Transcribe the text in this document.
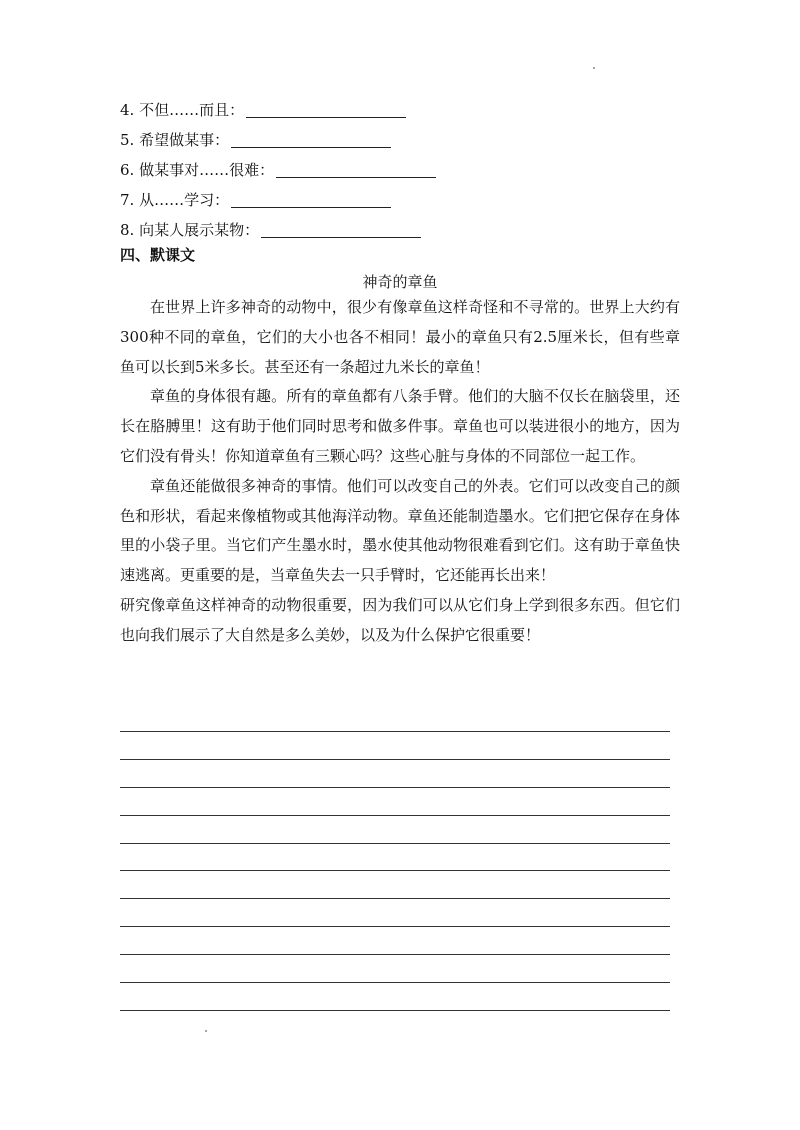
4. 不但……而且：
5. 希望做某事：
6. 做某事对……很难：
7. 从……学习：
8. 向某人展示某物：
四、默课文
神奇的章鱼

在世界上许多神奇的动物中，很少有像章鱼这样奇怪和不寻常的。世界上大约有300种不同的章鱼，它们的大小也各不相同！最小的章鱼只有2.5厘米长，但有些章鱼可以长到5米多长。甚至还有一条超过九米长的章鱼！

章鱼的身体很有趣。所有的章鱼都有八条手臂。他们的大脑不仅长在脑袋里，还长在胳膊里！这有助于他们同时思考和做多件事。章鱼也可以装进很小的地方，因为它们没有骨头！你知道章鱼有三颗心吗？这些心脏与身体的不同部位一起工作。

章鱼还能做很多神奇的事情。他们可以改变自己的外表。它们可以改变自己的颜色和形状，看起来像植物或其他海洋动物。章鱼还能制造墨水。它们把它保存在身体里的小袋子里。当它们产生墨水时，墨水使其他动物很难看到它们。这有助于章鱼快速逃离。更重要的是，当章鱼失去一只手臂时，它还能再长出来！

研究像章鱼这样神奇的动物很重要，因为我们可以从它们身上学到很多东西。但它们也向我们展示了大自然是多么美妙，以及为什么保护它很重要！
